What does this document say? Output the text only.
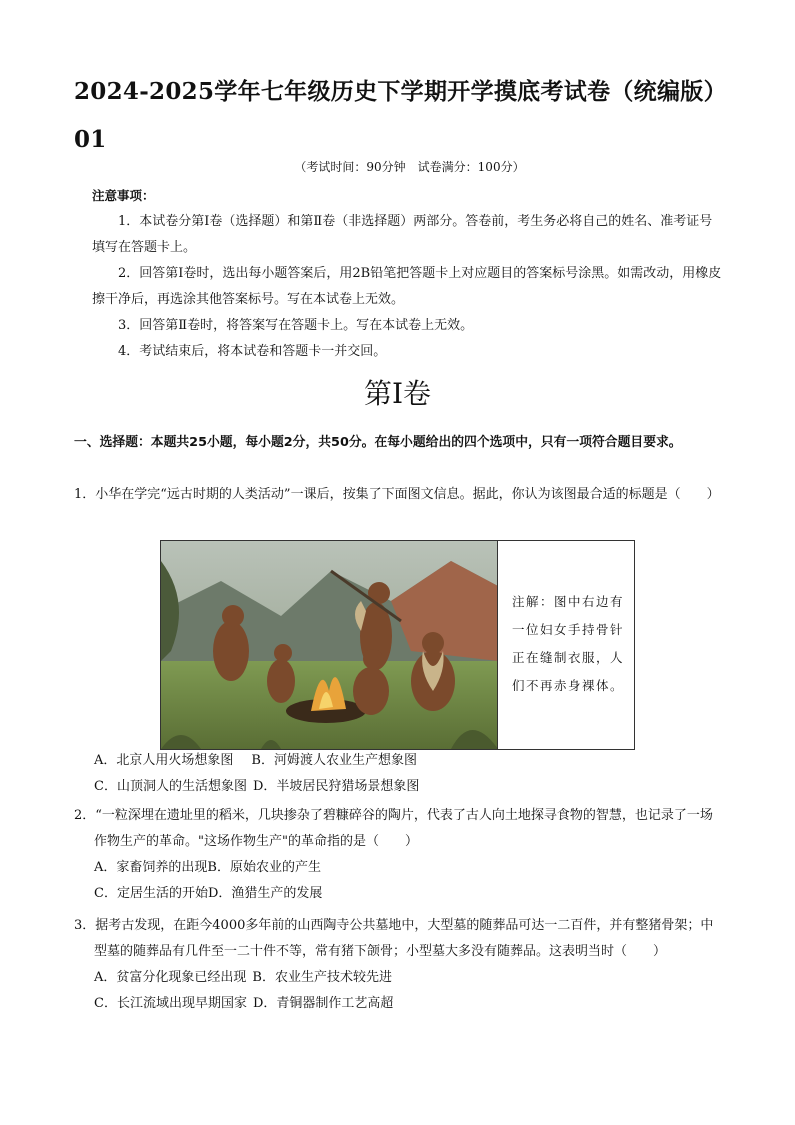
2024-2025学年七年级历史下学期开学摸底考试卷（统编版）01
（考试时间：90分钟　试卷满分：100分）
注意事项：

1．本试卷分第Ⅰ卷（选择题）和第Ⅱ卷（非选择题）两部分。答卷前，考生务必将自己的姓名、准考证号填写在答题卡上。

2．回答第Ⅰ卷时，选出每小题答案后，用2B铅笔把答题卡上对应题目的答案标号涂黑。如需改动，用橡皮擦干净后，再选涂其他答案标号。写在本试卷上无效。

3．回答第Ⅱ卷时，将答案写在答题卡上。写在本试卷上无效。

4．考试结束后，将本试卷和答题卡一并交回。

第Ⅰ卷
一、选择题：本题共25小题，每小题2分，共50分。在每小题给出的四个选项中，只有一项符合题目要求。

1．小华在学完“远古时期的人类活动”一课后，按集了下面图文信息。据此，你认为该图最合适的标题是（　　）

注解：图中右边有一位妇女手持骨针正在缝制衣服，人们不再赤身裸体。

A．北京人用火场想象图 B．河姆渡人农业生产想象图

C．山顶洞人的生活想象图 D．半坡居民狩猎场景想象图

2．“一粒深埋在遗址里的稻米，几块掺杂了碧糠碎谷的陶片，代表了古人向土地探寻食物的智慧，也记录了一场作物生产的革命。"这场作物生产"的革命指的是（　　）

A．家畜饲养的出现B．原始农业的产生

C．定居生活的开始D．渔猎生产的发展

3．据考古发现，在距今4000多年前的山西陶寺公共墓地中，大型墓的随葬品可达一二百件，并有整猪骨架；中型墓的随葬品有几件至一二十件不等，常有猪下颌骨；小型墓大多没有随葬品。这表明当时（　　）

A．贫富分化现象已经出现 B．农业生产技术较先进

C．长江流域出现早期国家 D．青铜器制作工艺高超
